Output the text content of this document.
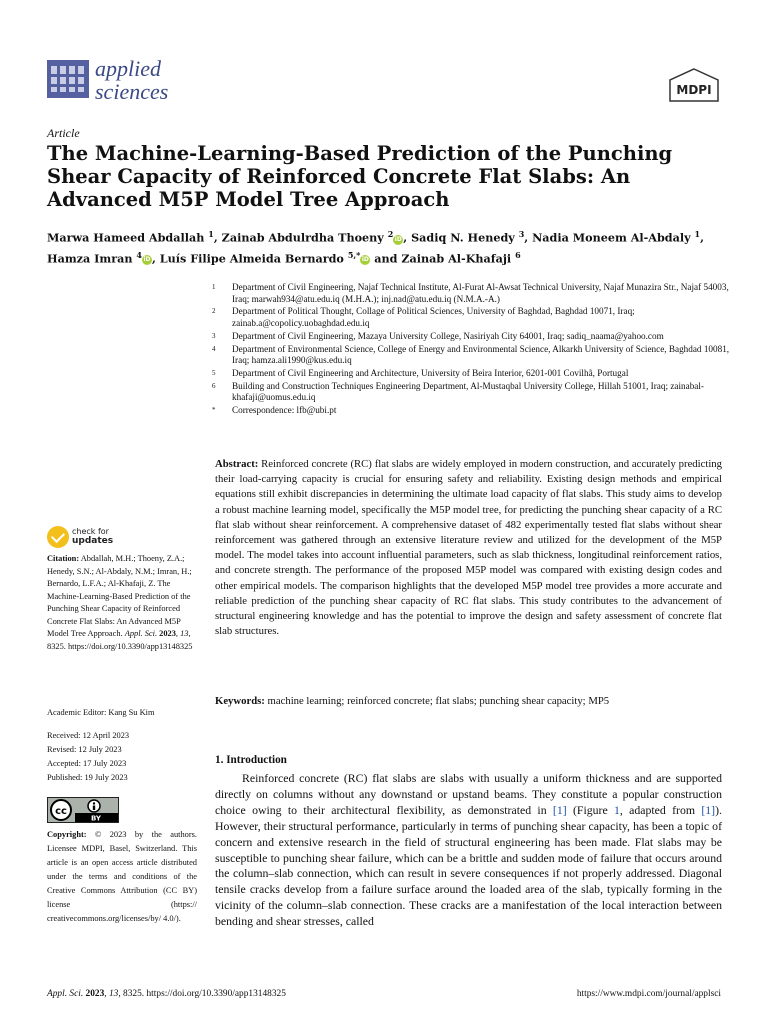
applied
sciences	MDPI
Article
The Machine-Learning-Based Prediction of the Punching Shear Capacity of Reinforced Concrete Flat Slabs: An Advanced M5P Model Tree Approach
Marwa Hameed Abdallah $^1$, Zainab Abdulrdha Thoeny $^2$iD, Sadiq N. Henedy $^3$, Nadia Moneem Al-Abdaly $^1$, Hamza Imran $^4$iD, Luís Filipe Almeida Bernardo $^{5,*}$iD and Zainab Al-Khafaji $^6$
1	Department of Civil Engineering, Najaf Technical Institute, Al-Furat Al-Awsat Technical University, Najaf Munazira Str., Najaf 54003, Iraq; marwah934@atu.edu.iq (M.H.A.); inj.nad@atu.edu.iq (N.M.A.-A.)
2	Department of Political Thought, Collage of Political Sciences, University of Baghdad, Baghdad 10071, Iraq; zainab.a@copolicy.uobaghdad.edu.iq
3	Department of Civil Engineering, Mazaya University College, Nasiriyah City 64001, Iraq; sadiq_naama@yahoo.com
4	Department of Environmental Science, College of Energy and Environmental Science, Alkarkh University of Science, Baghdad 10081, Iraq; hamza.ali1990@kus.edu.iq
5	Department of Civil Engineering and Architecture, University of Beira Interior, 6201-001 Covilhã, Portugal
6	Building and Construction Techniques Engineering Department, Al-Mustaqbal University College, Hillah 51001, Iraq; zainabal-khafaji@uomus.edu.iq
*	Correspondence: lfb@ubi.pt
Abstract: Reinforced concrete (RC) flat slabs are widely employed in modern construction, and accurately predicting their load-carrying capacity is crucial for ensuring safety and reliability. Existing design methods and empirical equations still exhibit discrepancies in determining the ultimate load capacity of flat slabs. This study aims to develop a robust machine learning model, specifically the M5P model tree, for predicting the punching shear capacity of a RC flat slab without shear reinforcement. A comprehensive dataset of 482 experimentally tested flat slabs without shear reinforcement was gathered through an extensive literature review and utilized for the development of the M5P model. The model takes into account influential parameters, such as slab thickness, longitudinal reinforcement ratios, and concrete strength. The performance of the proposed M5P model was compared with existing design codes and other empirical models. The comparison highlights that the developed M5P model tree provides a more accurate and reliable prediction of the punching shear capacity of RC flat slabs. This study contributes to the advancement of structural engineering knowledge and has the potential to improve the design and safety assessment of concrete flat slab structures.
Keywords: machine learning; reinforced concrete; flat slabs; punching shear capacity; MP5
check for
updates
Citation: Abdallah, M.H.; Thoeny, Z.A.; Henedy, S.N.; Al-Abdaly, N.M.; Imran, H.; Bernardo, L.F.A.; Al-Khafaji, Z. The Machine-Learning-Based Prediction of the Punching Shear Capacity of Reinforced Concrete Flat Slabs: An Advanced M5P Model Tree Approach. Appl. Sci. 2023, 13, 8325. https://doi.org/10.3390/app13148325
Academic Editor: Kang Su Kim
Received: 12 April 2023
Revised: 12 July 2023
Accepted: 17 July 2023
Published: 19 July 2023
cc
BY
Copyright: © 2023 by the authors. Licensee MDPI, Basel, Switzerland. This article is an open access article distributed under the terms and conditions of the Creative Commons Attribution (CC BY) license (https:// creativecommons.org/licenses/by/ 4.0/).
1. Introduction
Reinforced concrete (RC) flat slabs are slabs with usually a uniform thickness and are supported directly on columns without any downstand or upstand beams. They constitute a popular construction choice owing to their architectural flexibility, as demonstrated in [1] (Figure 1, adapted from [1]). However, their structural performance, particularly in terms of punching shear capacity, has been a topic of concern and extensive research in the field of structural engineering has been made. Flat slabs may be susceptible to punching shear failure, which can be a brittle and sudden mode of failure that occurs around the column–slab connection, which can result in severe consequences if not properly addressed. Diagonal tensile cracks develop from a failure surface around the loaded area of the slab, typically forming in the vicinity of the column–slab connection. These cracks are a manifestation of the local interaction between bending and shear stresses, called
Appl. Sci. 2023, 13, 8325. https://doi.org/10.3390/app13148325	https://www.mdpi.com/journal/applsci
